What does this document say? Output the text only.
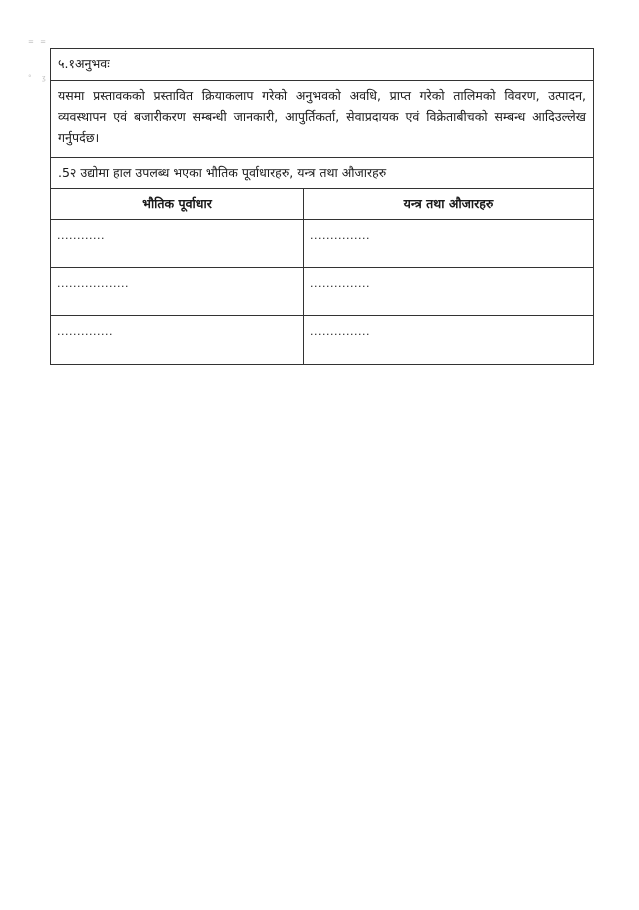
= =
° ʒ
५.१अनुभवः

यसमा प्रस्तावकको प्रस्तावित क्रियाकलाप गरेको अनुभवको अवधि, प्राप्त गरेको तालिमको विवरण, उत्पादन, व्यवस्थापन एवं बजारीकरण सम्बन्धी जानकारी, आपुर्तिकर्ता, सेवाप्रदायक एवं विक्रेताबीचको सम्बन्ध आदिउल्लेख गर्नुपर्दछ।

.5२ उद्योमा हाल उपलब्ध भएका भौतिक पूर्वाधारहरु, यन्त्र तथा औजारहरु
भौतिक पूर्वाधार	यन्त्र तथा औजारहरु
............	...............
..................	...............
..............	...............
